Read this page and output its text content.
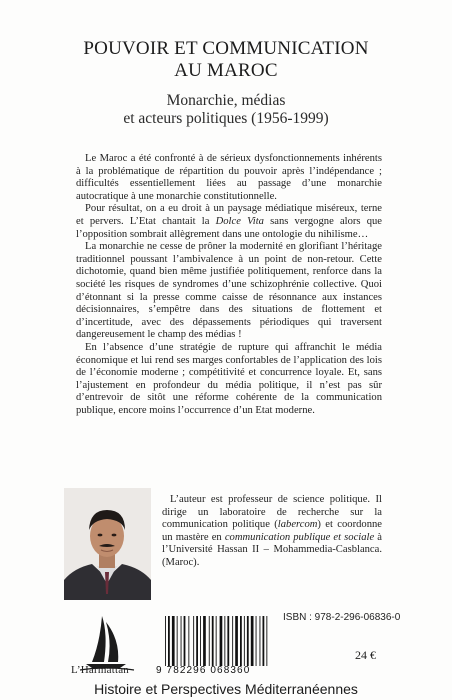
POUVOIR ET COMMUNICATION
AU MAROC
Monarchie, médias
et acteurs politiques (1956-1999)

Le Maroc a été confronté à de sérieux dysfonctionnements inhérents à la problématique de répartition du pouvoir après l’indépendance ; difficultés essentiellement liées au passage d’une monarchie autocratique à une monarchie constitutionnelle.

Pour résultat, on a eu droit à un paysage médiatique miséreux, terne et pervers. L’Etat chantait la Dolce Vita sans vergogne alors que l’opposition sombrait allègrement dans une ontologie du nihilisme…

La monarchie ne cesse de prôner la modernité en glorifiant l’héritage traditionnel poussant l’ambivalence à un point de non-retour. Cette dichotomie, quand bien même justifiée politiquement, renforce dans la société les risques de syndromes d’une schizophrénie collective. Quoi d’étonnant si la presse comme caisse de résonnance aux instances décisionnaires, s’empêtre dans des situations de flottement et d’incertitude, avec des dépassements périodiques qui traversent dangereusement le champ des médias !

En l’absence d’une stratégie de rupture qui affranchit le média économique et lui rend ses marges confortables de l’application des lois de l’économie moderne ; compétitivité et concurrence loyale. Et, sans l’ajustement en profondeur du média politique, il n’est pas sûr d’entrevoir de sitôt une réforme cohérente de la communication publique, encore moins l’occurrence d’un Etat moderne.

L’auteur est professeur de science politique. Il dirige un laboratoire de recherche sur la communication politique (labercom) et coordonne un mastère en communication publique et sociale à l’Université Hassan II – Mohammedia-Casblanca. (Maroc).

L’Harmattan
ISBN : 978-2-296-06836-0
9 782296 068360
24 €
Histoire et Perspectives Méditerranéennes
